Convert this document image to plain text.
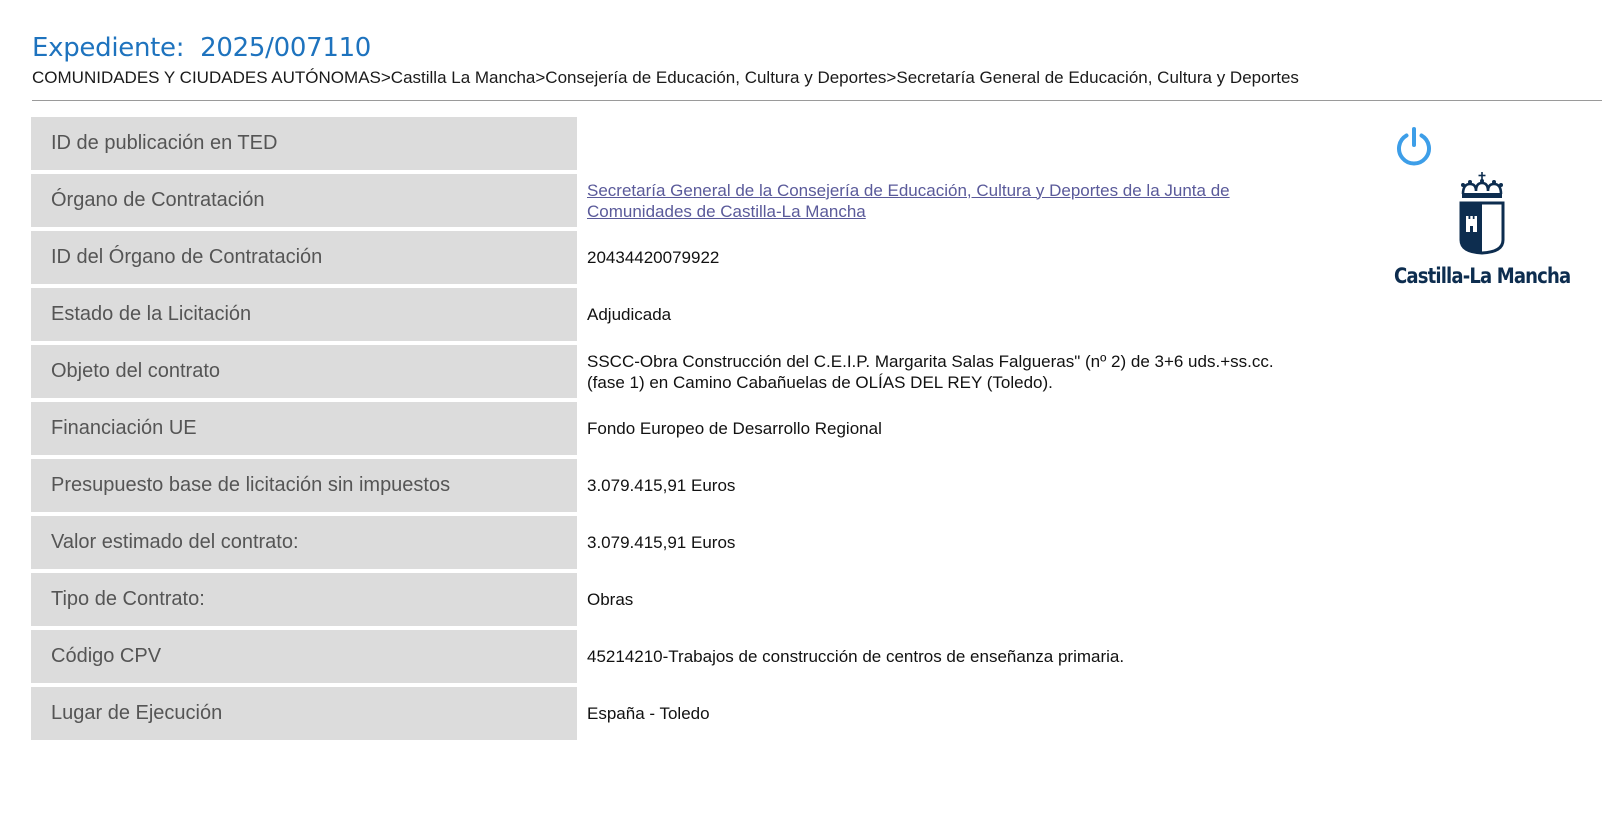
Expediente: 2025/007110
COMUNIDADES Y CIUDADES AUTÓNOMAS>Castilla La Mancha>Consejería de Educación, Cultura y Deportes>Secretaría General de Educación, Cultura y Deportes
ID de publicación en TED	
Órgano de Contratación	Secretaría General de la Consejería de Educación, Cultura y Deportes de la Junta de
Comunidades de Castilla-La Mancha
ID del Órgano de Contratación	20434420079922
Estado de la Licitación	Adjudicada
Objeto del contrato	SSCC-Obra Construcción del C.E.I.P. Margarita Salas Falgueras" (nº 2) de 3+6 uds.+ss.cc.
(fase 1) en Camino Cabañuelas de OLÍAS DEL REY (Toledo).
Financiación UE	Fondo Europeo de Desarrollo Regional
Presupuesto base de licitación sin impuestos	3.079.415,91 Euros
Valor estimado del contrato:	3.079.415,91 Euros
Tipo de Contrato:	Obras
Código CPV	45214210-Trabajos de construcción de centros de enseñanza primaria.
Lugar de Ejecución	España - Toledo
Castilla-La Mancha
